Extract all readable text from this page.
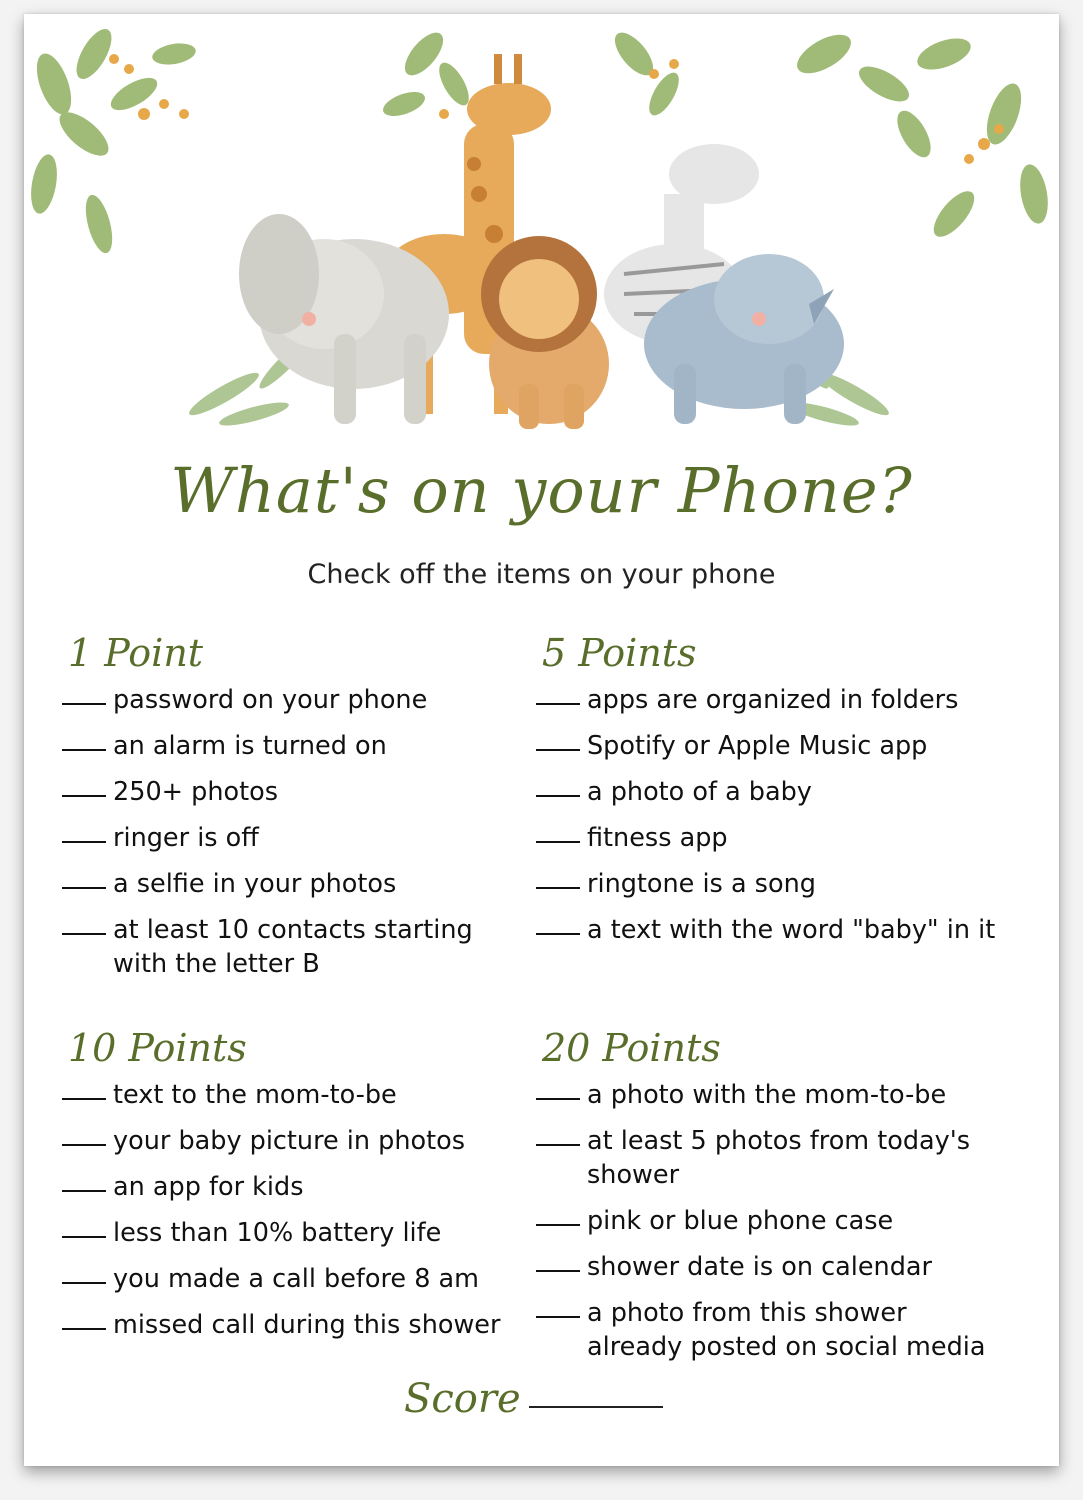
What's on your Phone?

Check off the items on your phone

1 Point
password on your phone
an alarm is turned on
250+ photos
ringer is off
a selfie in your photos
at least 10 contacts starting with the letter B
5 Points
apps are organized in folders
Spotify or Apple Music app
a photo of a baby
fitness app
ringtone is a song
a text with the word "baby" in it
10 Points
text to the mom-to-be
your baby picture in photos
an app for kids
less than 10% battery life
you made a call before 8 am
missed call during this shower
20 Points
a photo with the mom-to-be
at least 5 photos from today's shower
pink or blue phone case
shower date is on calendar
a photo from this shower already posted on social media
Score
